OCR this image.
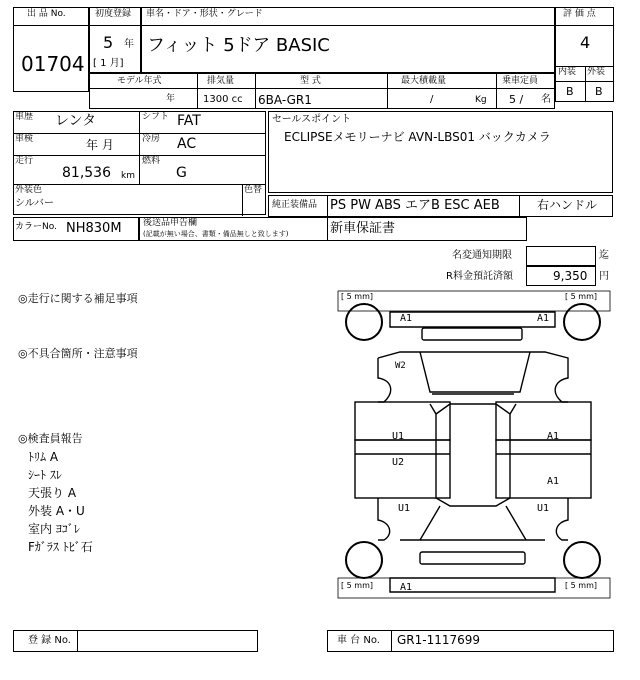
出 品 No.
01704
初度登録
5 年
[ 1 月]
車名・ドア・形状・グレード
フィット 5ドア BASIC
評 価 点
4
内装 外装
B B
モデル年式
年
排気量
1300 cc
型 式
6BA-GR1
最大積載量
/	Kg
乗車定員
5 / 名
車歴 レンタ
車検	年 月
走行
81,536 km
シフト FAT
冷房 AC
燃料
G
外装色
シルバー
色替
セールスポイント
ECLIPSEメモリーナビ AVN-LBS01 バックカメラ
純正装備品 PS PW ABS エアB ESC AEB	右ハンドル
カラーNo. NH830M 後送品申告欄
(記載が無い場合、書類・備品無しと致します)	新車保証書
名変通知期限	迄
R料金預託済額	9,350 円
◎走行に関する補足事項
◎不具合箇所・注意事項
◎検査員報告
ﾄﾘﾑ A
ｼｰﾄ ｽﾚ
天張り A
外装 A・U
室内 ﾖｺﾞﾚ
Fｶﾞﾗｽ ﾄﾋﾞ石
[ 5 mm]	[ 5 mm]
[ 5 mm]	[ 5 mm]
A1	A1
W2
U1
U2
U1
A1
A1
U1
A1
登 録 No.	車 台 No. GR1-1117699
